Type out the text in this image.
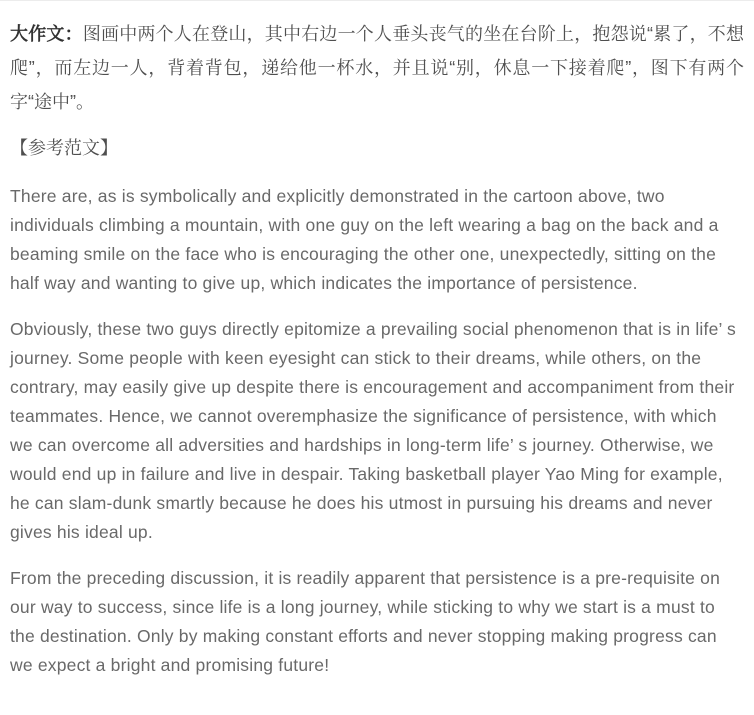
大作文：图画中两个人在登山，其中右边一个人垂头丧气的坐在台阶上，抱怨说“累了，不想爬”，而左边一人，背着背包，递给他一杯水，并且说“别，休息一下接着爬”，图下有两个字“途中”。

【参考范文】

There are, as is symbolically and explicitly demonstrated in the cartoon above, two individuals climbing a mountain, with one guy on the left wearing a bag on the back and a beaming smile on the face who is encouraging the other one, unexpectedly, sitting on the half way and wanting to give up, which indicates the importance of persistence.

Obviously, these two guys directly epitomize a prevailing social phenomenon that is in life’ s journey. Some people with keen eyesight can stick to their dreams, while others, on the contrary, may easily give up despite there is encouragement and accompaniment from their teammates. Hence, we cannot overemphasize the significance of persistence, with which we can overcome all adversities and hardships in long-term life’ s journey. Otherwise, we would end up in failure and live in despair. Taking basketball player Yao Ming for example, he can slam-dunk smartly because he does his utmost in pursuing his dreams and never gives his ideal up.

From the preceding discussion, it is readily apparent that persistence is a pre-requisite on our way to success, since life is a long journey, while sticking to why we start is a must to the destination. Only by making constant efforts and never stopping making progress can we expect a bright and promising future!
